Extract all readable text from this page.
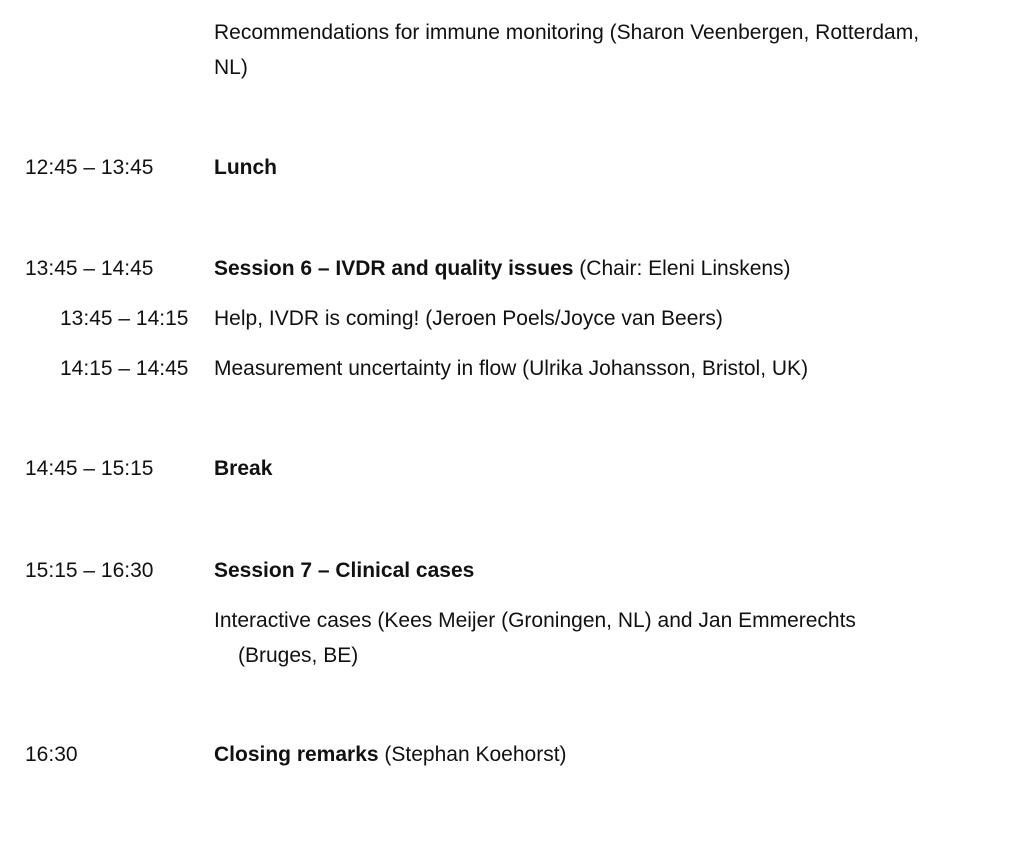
Recommendations for immune monitoring (Sharon Veenbergen, Rotterdam,
NL)
12:45 – 13:45	Lunch
13:45 – 14:45	Session 6 – IVDR and quality issues (Chair: Eleni Linskens)
13:45 – 14:15 Help, IVDR is coming! (Jeroen Poels/Joyce van Beers)
14:15 – 14:45 Measurement uncertainty in flow (Ulrika Johansson, Bristol, UK)
14:45 – 15:15	Break
15:15 – 16:30	Session 7 – Clinical cases
Interactive cases (Kees Meijer (Groningen, NL) and Jan Emmerechts
(Bruges, BE)
16:30	Closing remarks (Stephan Koehorst)
